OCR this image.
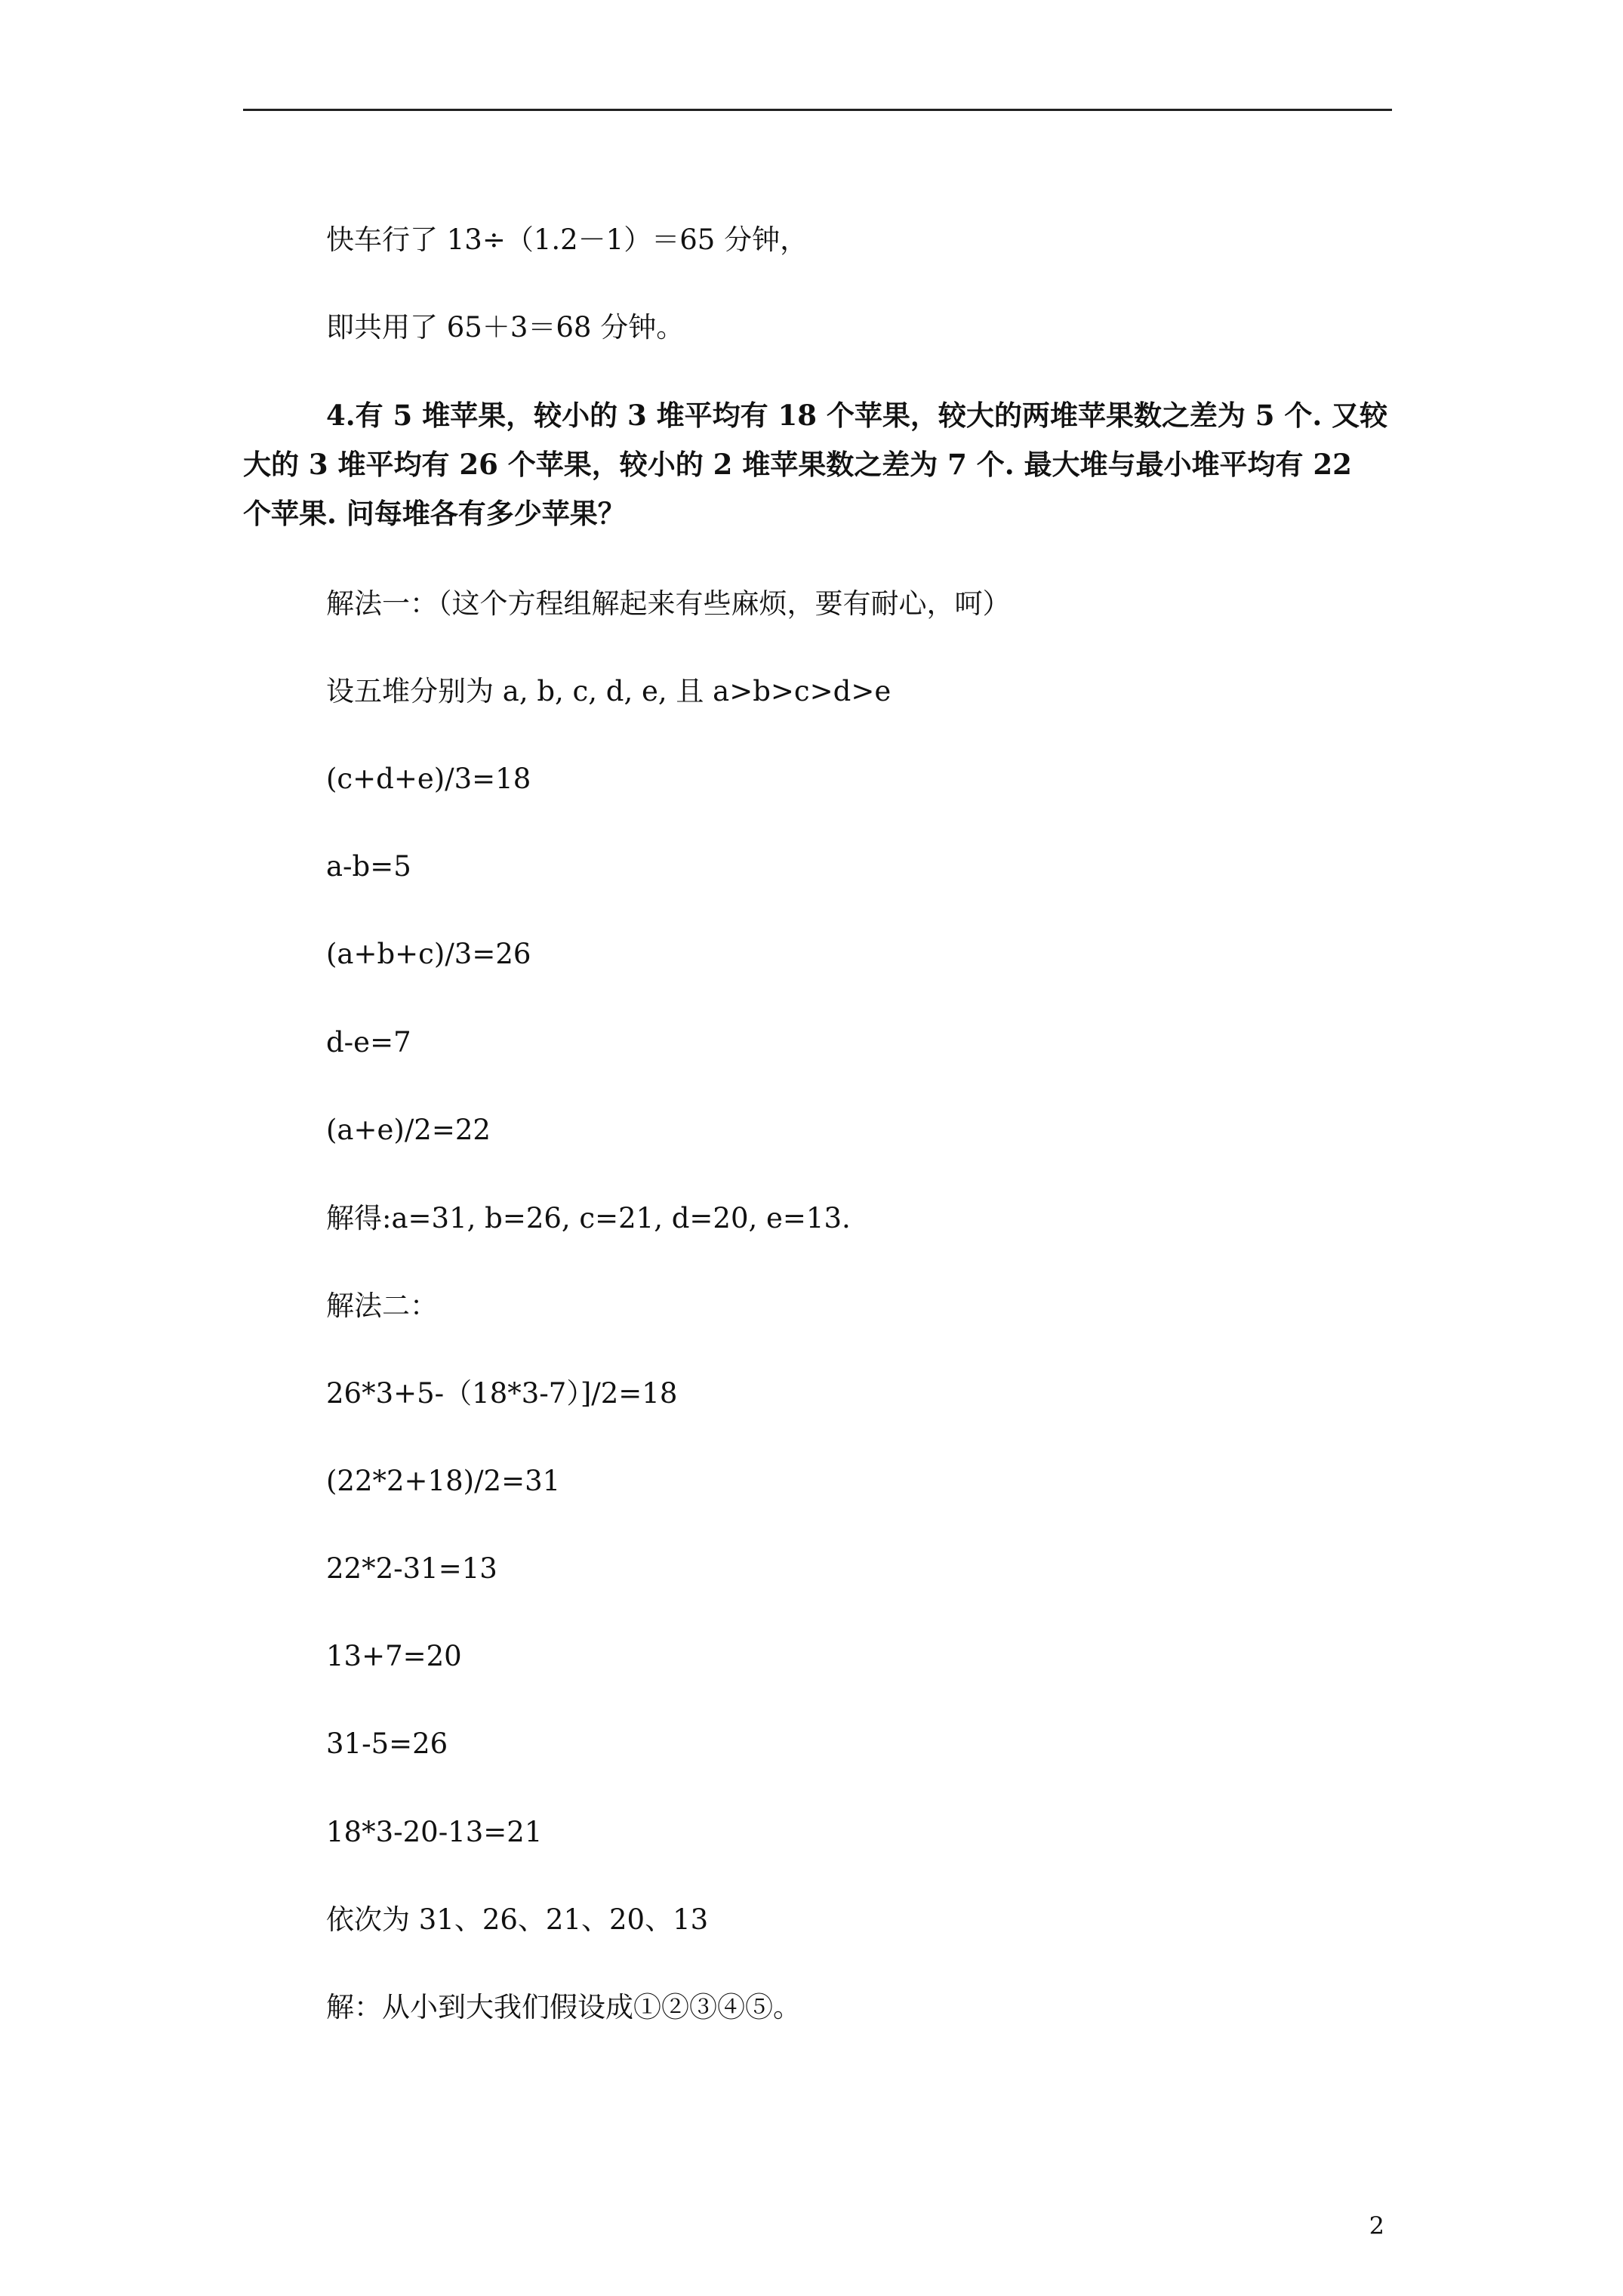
快车行了 13÷（1.2－1）＝65 分钟，
即共用了 65＋3＝68 分钟。
4.有 5 堆苹果，较小的 3 堆平均有 18 个苹果，较大的两堆苹果数之差为 5 个. 又较
大的 3 堆平均有 26 个苹果，较小的 2 堆苹果数之差为 7 个. 最大堆与最小堆平均有 22
个苹果. 问每堆各有多少苹果？
解法一：（这个方程组解起来有些麻烦，要有耐心，呵）
设五堆分别为 a, b, c, d, e, 且 a>b>c>d>e
(c+d+e)/3=18
a-b=5
(a+b+c)/3=26
d-e=7
(a+e)/2=22
解得:a=31, b=26, c=21, d=20, e=13.
解法二：
26*3+5-（18*3-7）]/2=18
(22*2+18)/2=31
22*2-31=13
13+7=20
31-5=26
18*3-20-13=21
依次为 31、26、21、20、13
解：从小到大我们假设成①②③④⑤。
2
